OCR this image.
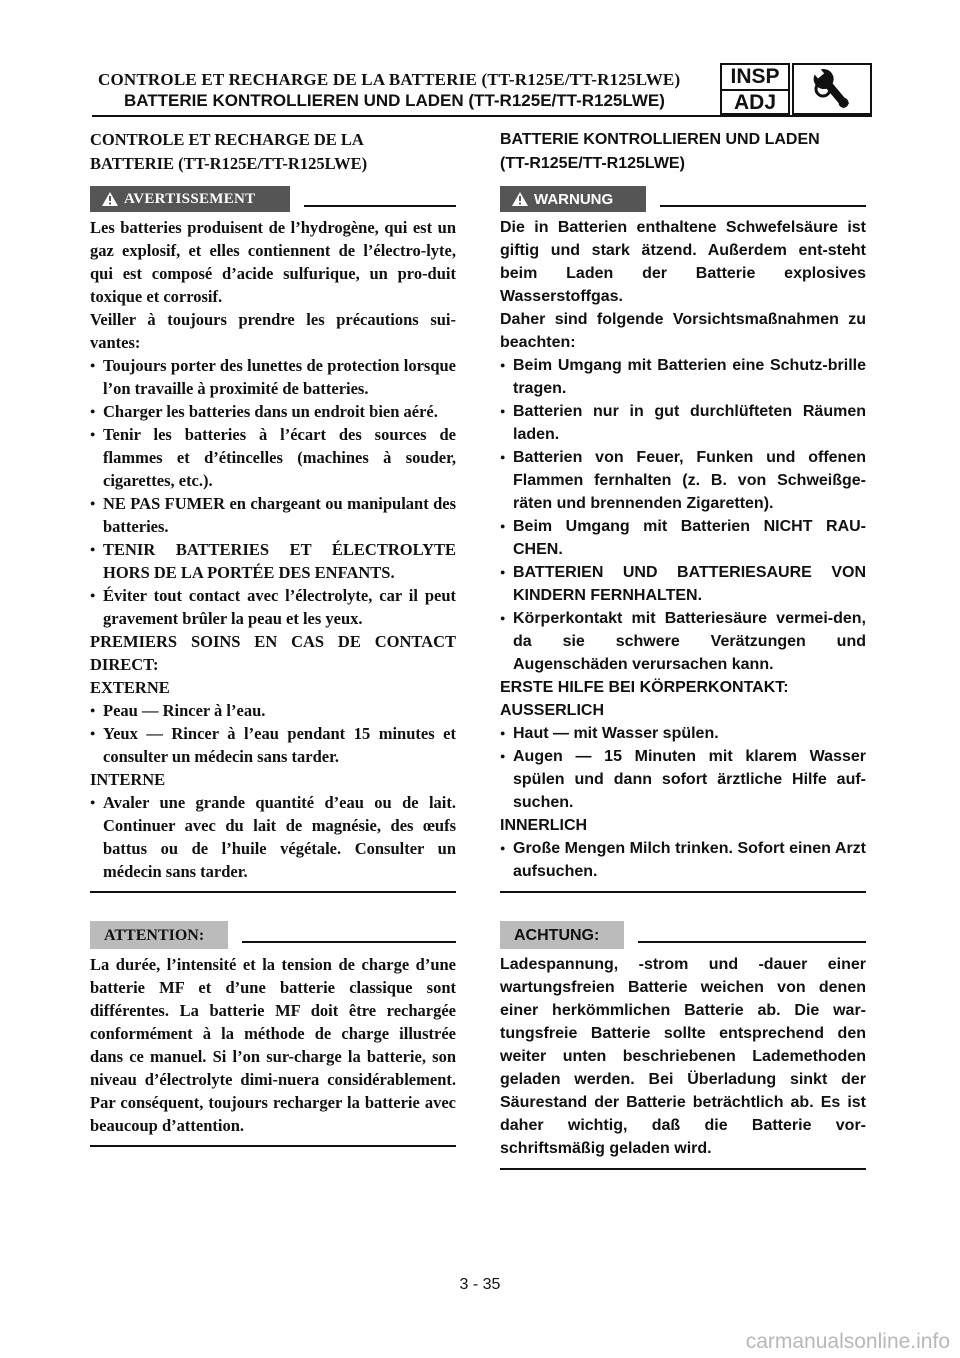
CONTROLE ET RECHARGE DE LA BATTERIE (TT-R125E/TT-R125LWE)
BATTERIE KONTROLLIEREN UND LADEN (TT-R125E/TT-R125LWE)
INSP
ADJ

CONTROLE ET RECHARGE DE LA
BATTERIE (TT-R125E/TT-R125LWE)

AVERTISSEMENT

Les batteries produisent de l’hydrogène, qui est un gaz explosif, et elles contiennent de l’électro-lyte, qui est composé d’acide sulfurique, un pro-duit toxique et corrosif.

Veiller à toujours prendre les précautions sui-vantes:

● Toujours porter des lunettes de protection lorsque l’on travaille à proximité de batteries.
● Charger les batteries dans un endroit bien aéré.
● Tenir les batteries à l’écart des sources de flammes et d’étincelles (machines à souder, cigarettes, etc.).
● NE PAS FUMER en chargeant ou manipulant des batteries.
● TENIR BATTERIES ET ÉLECTROLYTE HORS DE LA PORTÉE DES ENFANTS.
● Éviter tout contact avec l’électrolyte, car il peut gravement brûler la peau et les yeux.

PREMIERS SOINS EN CAS DE CONTACT DIRECT:

EXTERNE

● Peau — Rincer à l’eau.
● Yeux — Rincer à l’eau pendant 15 minutes et consulter un médecin sans tarder.

INTERNE

● Avaler une grande quantité d’eau ou de lait. Continuer avec du lait de magnésie, des œufs battus ou de l’huile végétale. Consulter un médecin sans tarder.
ATTENTION:

La durée, l’intensité et la tension de charge d’une batterie MF et d’une batterie classique sont différentes. La batterie MF doit être rechargée conformément à la méthode de charge illustrée dans ce manuel. Si l’on sur-charge la batterie, son niveau d’électrolyte dimi-nuera considérablement. Par conséquent, toujours recharger la batterie avec beaucoup d’attention.

BATTERIE KONTROLLIEREN UND LADEN
(TT-R125E/TT-R125LWE)

WARNUNG

Die in Batterien enthaltene Schwefelsäure ist giftig und stark ätzend. Außerdem ent-steht beim Laden der Batterie explosives Wasserstoffgas.

Daher sind folgende Vorsichtsmaßnahmen zu beachten:

● Beim Umgang mit Batterien eine Schutz-brille tragen.
● Batterien nur in gut durchlüfteten Räumen laden.
● Batterien von Feuer, Funken und offenen Flammen fernhalten (z. B. von Schweißge-räten und brennenden Zigaretten).
● Beim Umgang mit Batterien NICHT RAU-CHEN.
● BATTERIEN UND BATTERIESAURE VON KINDERN FERNHALTEN.
● Körperkontakt mit Batteriesäure vermei-den, da sie schwere Verätzungen und Augenschäden verursachen kann.

ERSTE HILFE BEI KÖRPERKONTAKT:

AUSSERLICH

● Haut — mit Wasser spülen.
● Augen — 15 Minuten mit klarem Wasser spülen und dann sofort ärztliche Hilfe auf-suchen.

INNERLICH

● Große Mengen Milch trinken. Sofort einen Arzt aufsuchen.
ACHTUNG:

Ladespannung, -strom und -dauer einer wartungsfreien Batterie weichen von denen einer herkömmlichen Batterie ab. Die war-tungsfreie Batterie sollte entsprechend den weiter unten beschriebenen Lademethoden geladen werden. Bei Überladung sinkt der Säurestand der Batterie beträchtlich ab. Es ist daher wichtig, daß die Batterie vor-schriftsmäßig geladen wird.

3 - 35
carmanualsonline.info
